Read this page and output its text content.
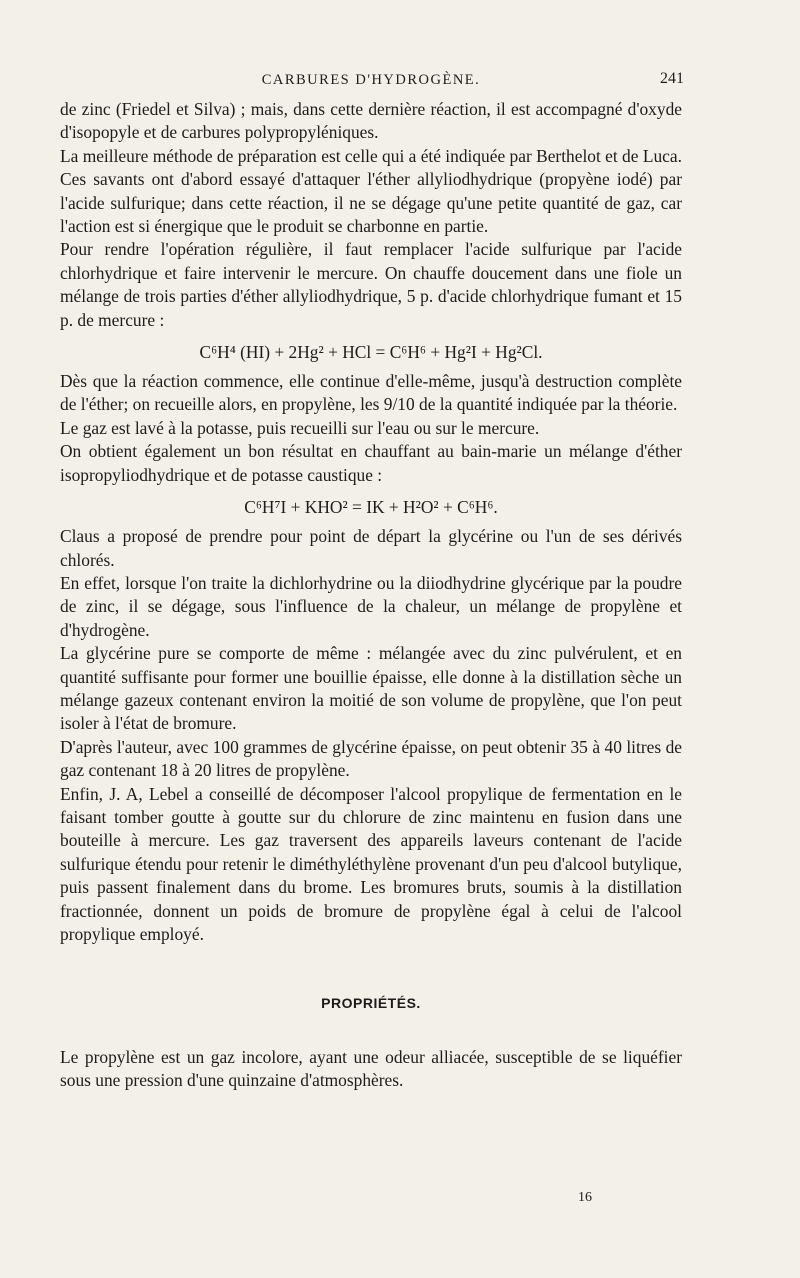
CARBURES D'HYDROGÈNE.	241

de zinc (Friedel et Silva) ; mais, dans cette dernière réaction, il est accompagné d'oxyde d'isopopyle et de carbures polypropyléniques.

La meilleure méthode de préparation est celle qui a été indiquée par Berthelot et de Luca.

Ces savants ont d'abord essayé d'attaquer l'éther allyliodhydrique (propyène iodé) par l'acide sulfurique; dans cette réaction, il ne se dégage qu'une petite quantité de gaz, car l'action est si énergique que le produit se charbonne en partie.

Pour rendre l'opération régulière, il faut remplacer l'acide sulfurique par l'acide chlorhydrique et faire intervenir le mercure. On chauffe doucement dans une fiole un mélange de trois parties d'éther allyliodhydrique, 5 p. d'acide chlorhydrique fumant et 15 p. de mercure :

C⁶H⁴ (HI) + 2Hg² + HCl = C⁶H⁶ + Hg²I + Hg²Cl.

Dès que la réaction commence, elle continue d'elle-même, jusqu'à destruction complète de l'éther; on recueille alors, en propylène, les 9/10 de la quantité indiquée par la théorie.

Le gaz est lavé à la potasse, puis recueilli sur l'eau ou sur le mercure.

On obtient également un bon résultat en chauffant au bain-marie un mélange d'éther isopropyliodhydrique et de potasse caustique :

C⁶H⁷I + KHO² = IK + H²O² + C⁶H⁶.

Claus a proposé de prendre pour point de départ la glycérine ou l'un de ses dérivés chlorés.

En effet, lorsque l'on traite la dichlorhydrine ou la diiodhydrine glycérique par la poudre de zinc, il se dégage, sous l'influence de la chaleur, un mélange de propylène et d'hydrogène.

La glycérine pure se comporte de même : mélangée avec du zinc pulvérulent, et en quantité suffisante pour former une bouillie épaisse, elle donne à la distillation sèche un mélange gazeux contenant environ la moitié de son volume de propylène, que l'on peut isoler à l'état de bromure.

D'après l'auteur, avec 100 grammes de glycérine épaisse, on peut obtenir 35 à 40 litres de gaz contenant 18 à 20 litres de propylène.

Enfin, J. A, Lebel a conseillé de décomposer l'alcool propylique de fermentation en le faisant tomber goutte à goutte sur du chlorure de zinc maintenu en fusion dans une bouteille à mercure. Les gaz traversent des appareils laveurs contenant de l'acide sulfurique étendu pour retenir le diméthyléthylène provenant d'un peu d'alcool butylique, puis passent finalement dans du brome. Les bromures bruts, soumis à la distillation fractionnée, donnent un poids de bromure de propylène égal à celui de l'alcool propylique employé.

PROPRIÉTÉS.

Le propylène est un gaz incolore, ayant une odeur alliacée, susceptible de se liquéfier sous une pression d'une quinzaine d'atmosphères.

16
